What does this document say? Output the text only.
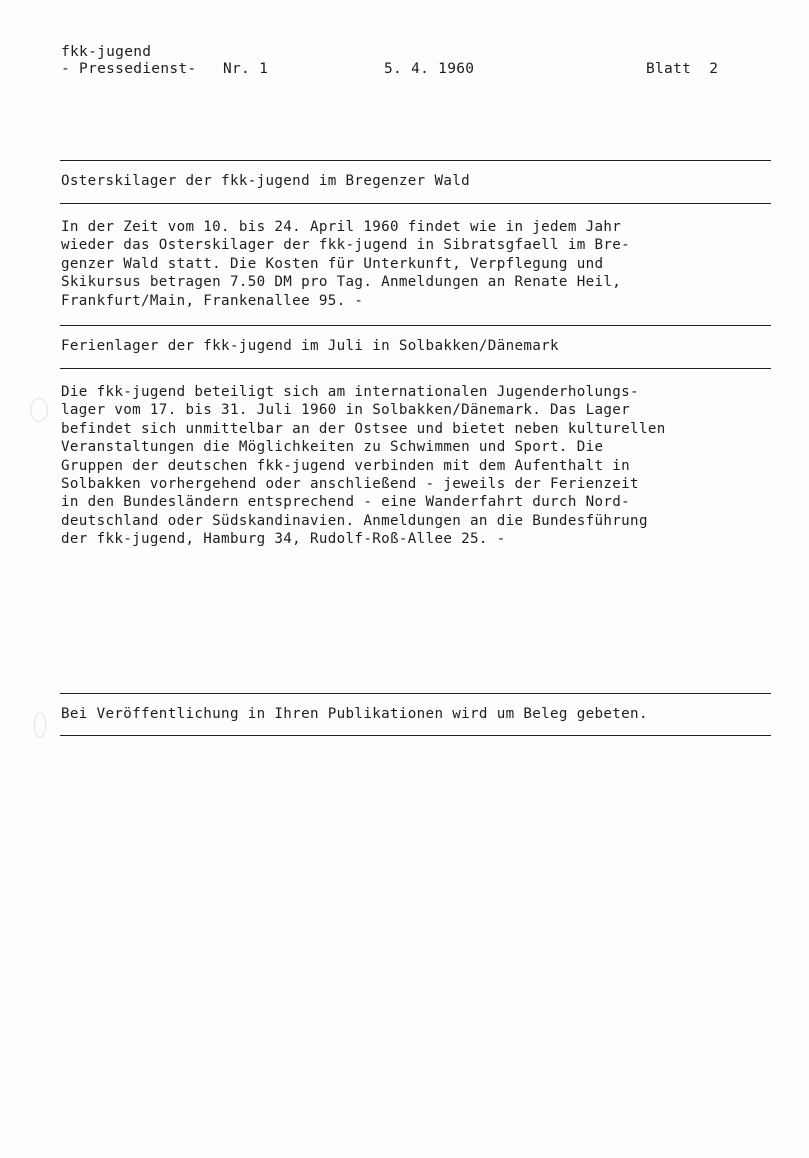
fkk-jugend
- Pressedienst- Nr. 1	5. 4. 1960	Blatt  2
Osterskilager der fkk-jugend im Bregenzer Wald
In der Zeit vom 10. bis 24. April 1960 findet wie in jedem Jahr
wieder das Osterskilager der fkk-jugend in Sibratsgfaell im Bre-
genzer Wald statt. Die Kosten für Unterkunft, Verpflegung und
Skikursus betragen 7.50 DM pro Tag. Anmeldungen an Renate Heil,
Frankfurt/Main, Frankenallee 95. -
Ferienlager der fkk-jugend im Juli in Solbakken/Dänemark
Die fkk-jugend beteiligt sich am internationalen Jugenderholungs-
lager vom 17. bis 31. Juli 1960 in Solbakken/Dänemark. Das Lager
befindet sich unmittelbar an der Ostsee und bietet neben kulturellen
Veranstaltungen die Möglichkeiten zu Schwimmen und Sport. Die
Gruppen der deutschen fkk-jugend verbinden mit dem Aufenthalt in
Solbakken vorhergehend oder anschließend - jeweils der Ferienzeit
in den Bundesländern entsprechend - eine Wanderfahrt durch Nord-
deutschland oder Südskandinavien. Anmeldungen an die Bundesführung
der fkk-jugend, Hamburg 34, Rudolf-Roß-Allee 25. -
Bei Veröffentlichung in Ihren Publikationen wird um Beleg gebeten.
